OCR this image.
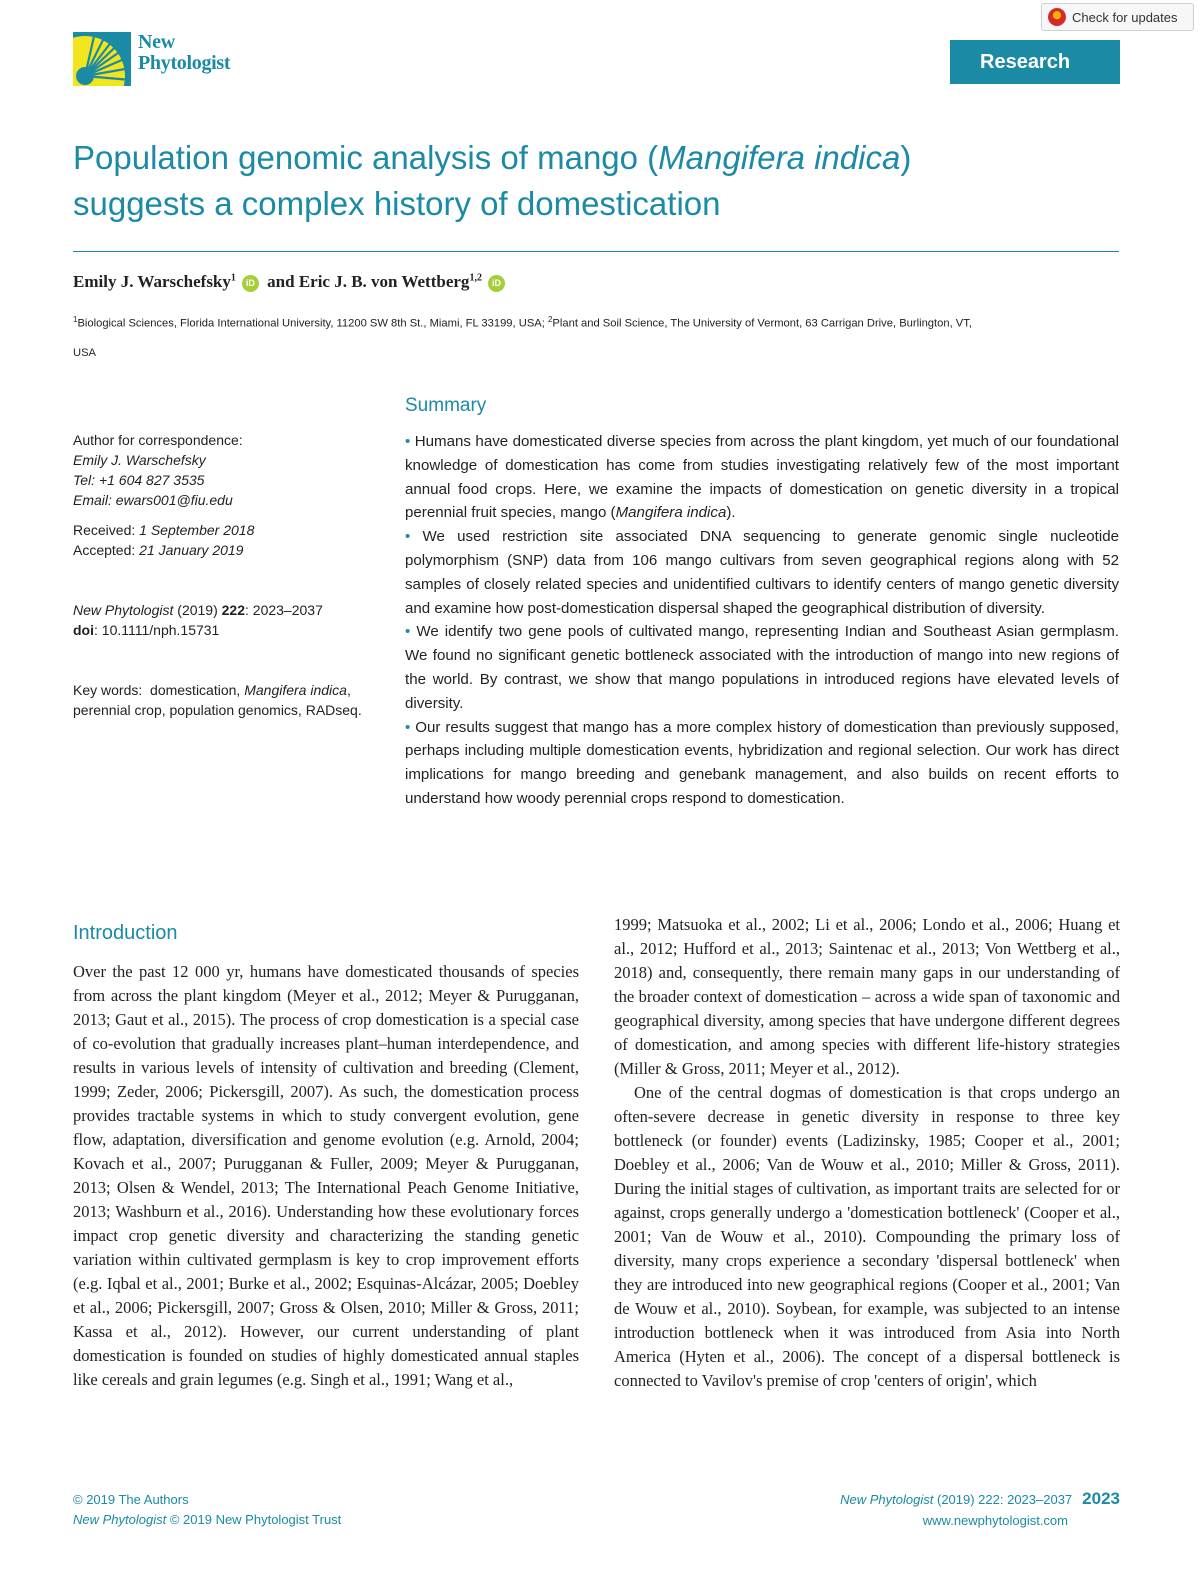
New
Phytologist
Check for updates
Research
Population genomic analysis of mango (Mangifera indica)
suggests a complex history of domestication
Emily J. Warschefsky$^1$ iD and Eric J. B. von Wettberg$^{1,2}$ iD
$^1$Biological Sciences, Florida International University, 11200 SW 8th St., Miami, FL 33199, USA; $^2$Plant and Soil Science, The University of Vermont, 63 Carrigan Drive, Burlington, VT,
USA
Author for correspondence:
Emily J. Warschefsky
Tel: +1 604 827 3535
Email: ewars001@fiu.edu
Received: 1 September 2018
Accepted: 21 January 2019
New Phytologist (2019) 222: 2023–2037
doi: 10.1111/nph.15731
Key words: domestication, Mangifera indica, perennial crop, population genomics, RADseq.
Summary

• Humans have domesticated diverse species from across the plant kingdom, yet much of our foundational knowledge of domestication has come from studies investigating relatively few of the most important annual food crops. Here, we examine the impacts of domestication on genetic diversity in a tropical perennial fruit species, mango (Mangifera indica).

• We used restriction site associated DNA sequencing to generate genomic single nucleotide polymorphism (SNP) data from 106 mango cultivars from seven geographical regions along with 52 samples of closely related species and unidentified cultivars to identify centers of mango genetic diversity and examine how post-domestication dispersal shaped the geographical distribution of diversity.

• We identify two gene pools of cultivated mango, representing Indian and Southeast Asian germplasm. We found no significant genetic bottleneck associated with the introduction of mango into new regions of the world. By contrast, we show that mango populations in introduced regions have elevated levels of diversity.

• Our results suggest that mango has a more complex history of domestication than previously supposed, perhaps including multiple domestication events, hybridization and regional selection. Our work has direct implications for mango breeding and genebank management, and also builds on recent efforts to understand how woody perennial crops respond to domestication.

Introduction

Over the past 12 000 yr, humans have domesticated thousands of species from across the plant kingdom (Meyer et al., 2012; Meyer & Purugganan, 2013; Gaut et al., 2015). The process of crop domestication is a special case of co-evolution that gradually increases plant–human interdependence, and results in various levels of intensity of cultivation and breeding (Clement, 1999; Zeder, 2006; Pickersgill, 2007). As such, the domestication process provides tractable systems in which to study convergent evolution, gene flow, adaptation, diversification and genome evolution (e.g. Arnold, 2004; Kovach et al., 2007; Purugganan & Fuller, 2009; Meyer & Purugganan, 2013; Olsen & Wendel, 2013; The International Peach Genome Initiative, 2013; Washburn et al., 2016). Understanding how these evolutionary forces impact crop genetic diversity and characterizing the standing genetic variation within cultivated germplasm is key to crop improvement efforts (e.g. Iqbal et al., 2001; Burke et al., 2002; Esquinas-Alcázar, 2005; Doebley et al., 2006; Pickersgill, 2007; Gross & Olsen, 2010; Miller & Gross, 2011; Kassa et al., 2012). However, our current understanding of plant domestication is founded on studies of highly domesticated annual staples like cereals and grain legumes (e.g. Singh et al., 1991; Wang et al.,

1999; Matsuoka et al., 2002; Li et al., 2006; Londo et al., 2006; Huang et al., 2012; Hufford et al., 2013; Saintenac et al., 2013; Von Wettberg et al., 2018) and, consequently, there remain many gaps in our understanding of the broader context of domestication – across a wide span of taxonomic and geographical diversity, among species that have undergone different degrees of domestication, and among species with different life-history strategies (Miller & Gross, 2011; Meyer et al., 2012).

One of the central dogmas of domestication is that crops undergo an often-severe decrease in genetic diversity in response to three key bottleneck (or founder) events (Ladizinsky, 1985; Cooper et al., 2001; Doebley et al., 2006; Van de Wouw et al., 2010; Miller & Gross, 2011). During the initial stages of cultivation, as important traits are selected for or against, crops generally undergo a 'domestication bottleneck' (Cooper et al., 2001; Van de Wouw et al., 2010). Compounding the primary loss of diversity, many crops experience a secondary 'dispersal bottleneck' when they are introduced into new geographical regions (Cooper et al., 2001; Van de Wouw et al., 2010). Soybean, for example, was subjected to an intense introduction bottleneck when it was introduced from Asia into North America (Hyten et al., 2006). The concept of a dispersal bottleneck is connected to Vavilov's premise of crop 'centers of origin', which

© 2019 The Authors
New Phytologist © 2019 New Phytologist Trust
New Phytologist (2019) 222: 2023–2037 2023
www.newphytologist.com
